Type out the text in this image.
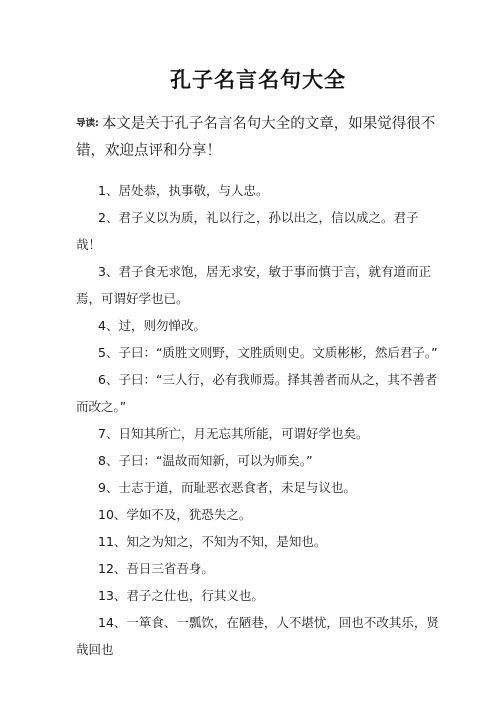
孔子名言名句大全

导读: 本文是关于孔子名言名句大全的文章，如果觉得很不错，欢迎点评和分享！

1、居处恭，执事敬，与人忠。
2、君子义以为质，礼以行之，孙以出之，信以成之。君子哉！
3、君子食无求饱，居无求安，敏于事而慎于言，就有道而正焉，可谓好学也已。
4、过，则勿惮改。
5、子曰：“质胜文则野，文胜质则史。文质彬彬，然后君子。”
6、子曰：“三人行，必有我师焉。择其善者而从之，其不善者而改之。”
7、日知其所亡，月无忘其所能，可谓好学也矣。
8、子曰：“温故而知新，可以为师矣。”
9、士志于道，而耻恶衣恶食者，未足与议也。
10、学如不及，犹恐失之。
11、知之为知之，不知为不知，是知也。
12、吾日三省吾身。
13、君子之仕也，行其义也。
14、一箪食、一瓢饮，在陋巷，人不堪忧，回也不改其乐，贤哉回也
